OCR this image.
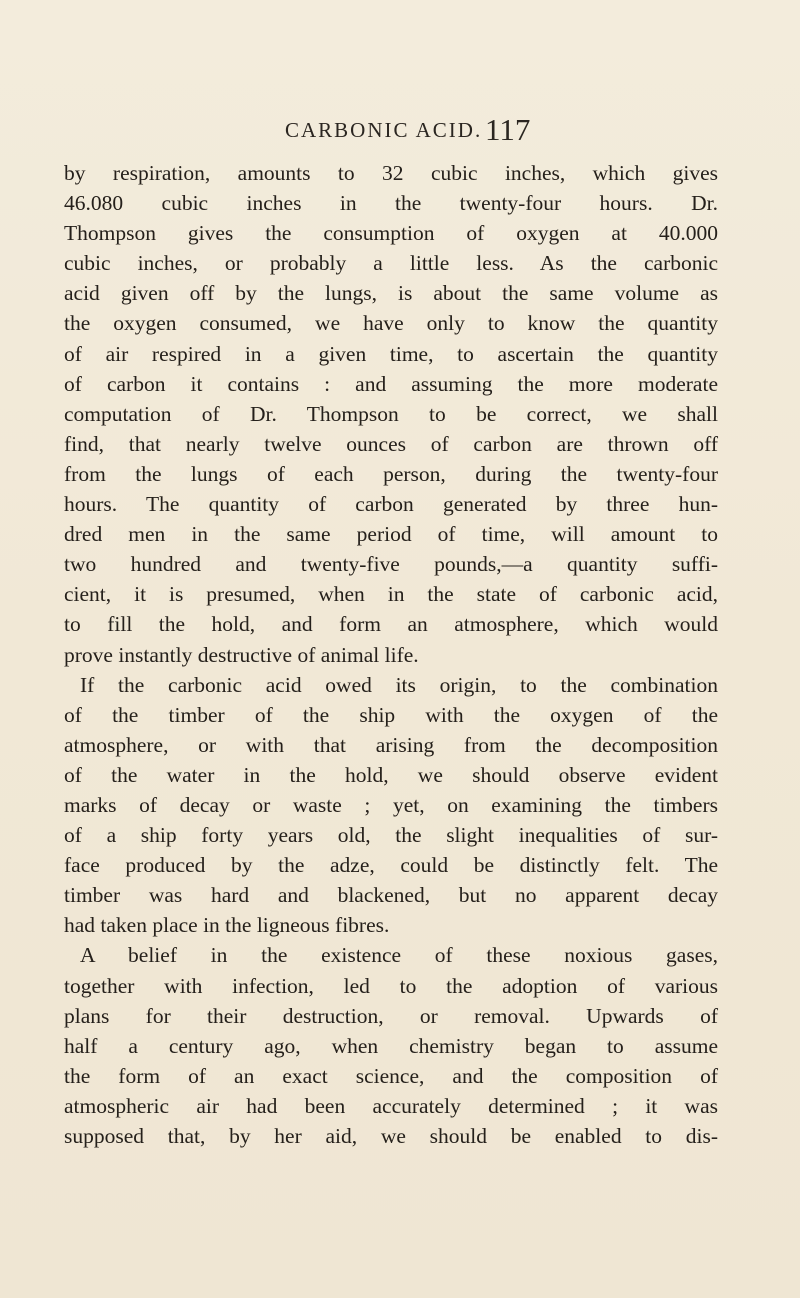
CARBONIC ACID. 117
by respiration, amounts to 32 cubic inches, which gives
46.080 cubic inches in the twenty-four hours. Dr.
Thompson gives the consumption of oxygen at 40.000
cubic inches, or probably a little less. As the carbonic
acid given off by the lungs, is about the same volume as
the oxygen consumed, we have only to know the quantity
of air respired in a given time, to ascertain the quantity
of carbon it contains : and assuming the more moderate
computation of Dr. Thompson to be correct, we shall
find, that nearly twelve ounces of carbon are thrown off
from the lungs of each person, during the twenty-four
hours. The quantity of carbon generated by three hun-
dred men in the same period of time, will amount to
two hundred and twenty-five pounds,—a quantity suffi-
cient, it is presumed, when in the state of carbonic acid,
to fill the hold, and form an atmosphere, which would
prove instantly destructive of animal life.
If the carbonic acid owed its origin, to the combination
of the timber of the ship with the oxygen of the
atmosphere, or with that arising from the decomposition
of the water in the hold, we should observe evident
marks of decay or waste ; yet, on examining the timbers
of a ship forty years old, the slight inequalities of sur-
face produced by the adze, could be distinctly felt. The
timber was hard and blackened, but no apparent decay
had taken place in the ligneous fibres.
A belief in the existence of these noxious gases,
together with infection, led to the adoption of various
plans for their destruction, or removal. Upwards of
half a century ago, when chemistry began to assume
the form of an exact science, and the composition of
atmospheric air had been accurately determined ; it was
supposed that, by her aid, we should be enabled to dis-
